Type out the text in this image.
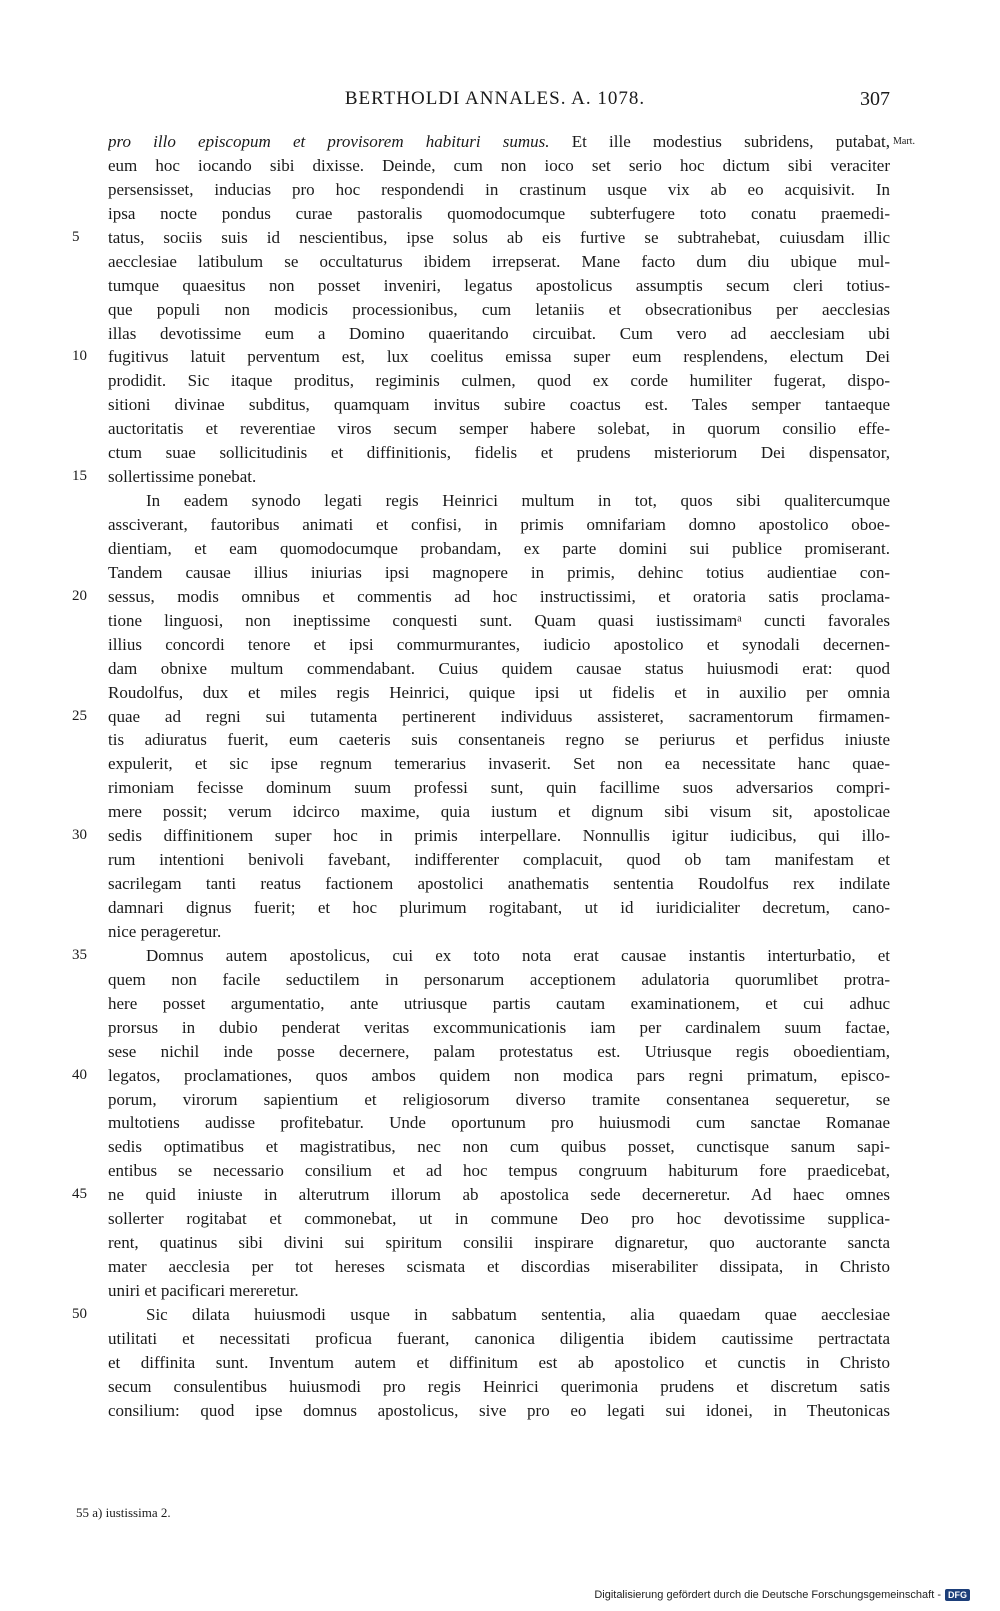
BERTHOLDI ANNALES. A. 1078.	307
pro illo episcopum et provisorem habituri sumus. Et ille modestius subridens, putabat, Mart.
eum hoc iocando sibi dixisse. Deinde, cum non ioco set serio hoc dictum sibi veraciter
persensisset, inducias pro hoc respondendi in crastinum usque vix ab eo acquisivit. In
ipsa nocte pondus curae pastoralis quomodocumque subterfugere toto conatu praemedi-
5	tatus, sociis suis id nescientibus, ipse solus ab eis furtive se subtrahebat, cuiusdam illic
aecclesiae latibulum se occultaturus ibidem irrepserat. Mane facto dum diu ubique mul-
tumque quaesitus non posset inveniri, legatus apostolicus assumptis secum cleri totius-
que populi non modicis processionibus, cum letaniis et obsecrationibus per aecclesias
illas devotissime eum a Domino quaeritando circuibat. Cum vero ad aecclesiam ubi
10	fugitivus latuit perventum est, lux coelitus emissa super eum resplendens, electum Dei
prodidit. Sic itaque proditus, regiminis culmen, quod ex corde humiliter fugerat, dispo-
sitioni divinae subditus, quamquam invitus subire coactus est. Tales semper tantaeque
auctoritatis et reverentiae viros secum semper habere solebat, in quorum consilio effe-
ctum suae sollicitudinis et diffinitionis, fidelis et prudens misteriorum Dei dispensator,
15	sollertissime ponebat.
In eadem synodo legati regis Heinrici multum in tot, quos sibi qualitercumque
assciverant, fautoribus animati et confisi, in primis omnifariam domno apostolico oboe-
dientiam, et eam quomodocumque probandam, ex parte domini sui publice promiserant.
Tandem causae illius iniurias ipsi magnopere in primis, dehinc totius audientiae con-
20	sessus, modis omnibus et commentis ad hoc instructissimi, et oratoria satis proclama-
tione linguosi, non ineptissime conquesti sunt. Quam quasi iustissimamᵃ cuncti favorales
illius concordi tenore et ipsi commurmurantes, iudicio apostolico et synodali decernen-
dam obnixe multum commendabant. Cuius quidem causae status huiusmodi erat: quod
Roudolfus, dux et miles regis Heinrici, quique ipsi ut fidelis et in auxilio per omnia
25	quae ad regni sui tutamenta pertinerent individuus assisteret, sacramentorum firmamen-
tis adiuratus fuerit, eum caeteris suis consentaneis regno se periurus et perfidus iniuste
expulerit, et sic ipse regnum temerarius invaserit. Set non ea necessitate hanc quae-
rimoniam fecisse dominum suum professi sunt, quin facillime suos adversarios compri-
mere possit; verum idcirco maxime, quia iustum et dignum sibi visum sit, apostolicae
30	sedis diffinitionem super hoc in primis interpellare. Nonnullis igitur iudicibus, qui illo-
rum intentioni benivoli favebant, indifferenter complacuit, quod ob tam manifestam et
sacrilegam tanti reatus factionem apostolici anathematis sententia Roudolfus rex indilate
damnari dignus fuerit; et hoc plurimum rogitabant, ut id iuridicialiter decretum, cano-
nice perageretur.
35	Domnus autem apostolicus, cui ex toto nota erat causae instantis interturbatio, et
quem non facile seductilem in personarum acceptionem adulatoria quorumlibet protra-
here posset argumentatio, ante utriusque partis cautam examinationem, et cui adhuc
prorsus in dubio penderat veritas excommunicationis iam per cardinalem suum factae,
sese nichil inde posse decernere, palam protestatus est. Utriusque regis oboedientiam,
40	legatos, proclamationes, quos ambos quidem non modica pars regni primatum, episco-
porum, virorum sapientium et religiosorum diverso tramite consentanea sequeretur, se
multotiens audisse profitebatur. Unde oportunum pro huiusmodi cum sanctae Romanae
sedis optimatibus et magistratibus, nec non cum quibus posset, cunctisque sanum sapi-
entibus se necessario consilium et ad hoc tempus congruum habiturum fore praedicebat,
45	ne quid iniuste in alterutrum illorum ab apostolica sede decerneretur. Ad haec omnes
sollerter rogitabat et commonebat, ut in commune Deo pro hoc devotissime supplica-
rent, quatinus sibi divini sui spiritum consilii inspirare dignaretur, quo auctorante sancta
mater aecclesia per tot hereses scismata et discordias miserabiliter dissipata, in Christo
uniri et pacificari mereretur.
50	Sic dilata huiusmodi usque in sabbatum sententia, alia quaedam quae aecclesiae
utilitati et necessitati proficua fuerant, canonica diligentia ibidem cautissime pertractata
et diffinita sunt. Inventum autem et diffinitum est ab apostolico et cunctis in Christo
secum consulentibus huiusmodi pro regis Heinrici querimonia prudens et discretum satis
consilium: quod ipse domnus apostolicus, sive pro eo legati sui idonei, in Theutonicas
55 a) iustissima 2.
Digitalisierung gefördert durch die Deutsche Forschungsgemeinschaft - DFG
